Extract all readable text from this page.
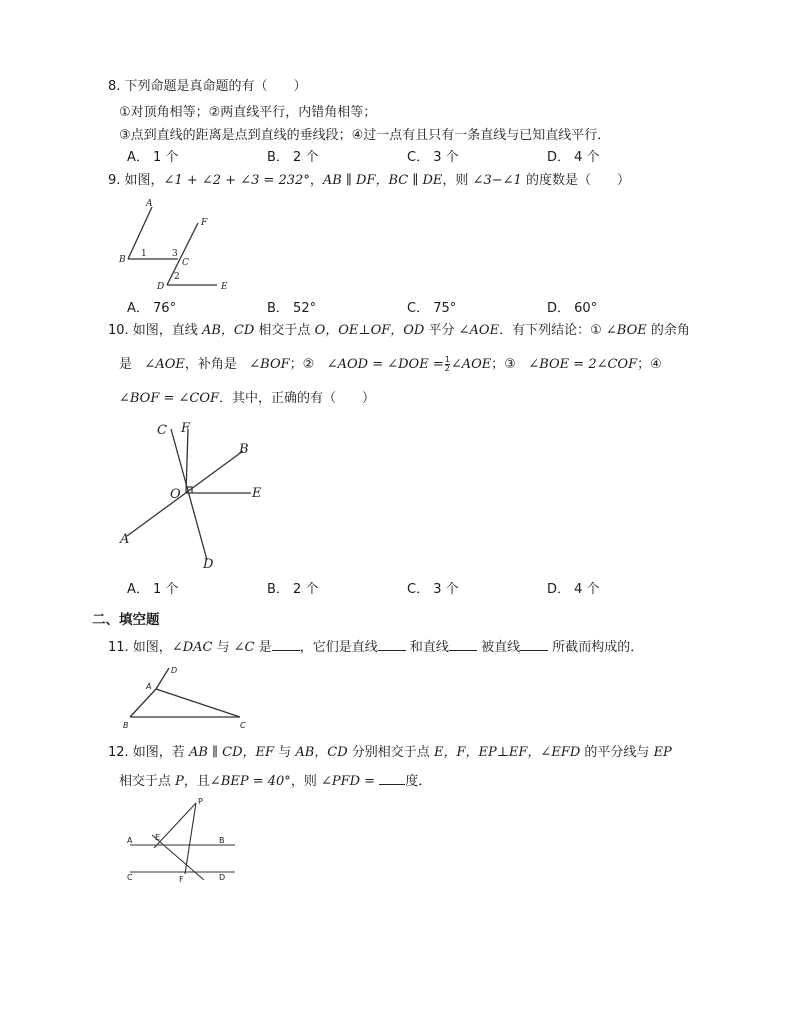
8. 下列命题是真命题的有（　　）
①对顶角相等；②两直线平行，内错角相等；
③点到直线的距离是点到直线的垂线段；④过一点有且只有一条直线与已知直线平行．
A． 1 个	B． 2 个	C． 3 个	D． 4 个
9. 如图，∠1 + ∠2 + ∠3 = 232°，AB ∥ DF，BC ∥ DE，则 ∠3−∠1 的度数是（　　）
A
F
B
1	3
C
2
D	E
A． 76°	B． 52°	C． 75°	D． 60°
10. 如图，直线 AB，CD 相交于点 O，OE⊥OF，OD 平分 ∠AOE．有下列结论：① ∠BOE 的余角
是 ∠AOE，补角是 ∠BOF；② ∠AOD = ∠DOE = $\frac{1}{2}$ ∠AOE；③ ∠BOE = 2∠COF；④
∠BOF = ∠COF．其中，正确的有（　　）
C F
B
O	E
A
D
A． 1 个	B． 2 个	C． 3 个	D． 4 个
二、填空题
11. 如图，∠DAC 与 ∠C 是 ，它们是直线 和直线 被直线 所截而构成的．
A
D
B	C
12. 如图，若 AB ∥ CD，EF 与 AB，CD 分别相交于点 E，F，EP⊥EF，∠EFD 的平分线与 EP
相交于点 P，且∠BEP = 40°，则 ∠PFD = 度．
P
A	E	B
C	F	D
